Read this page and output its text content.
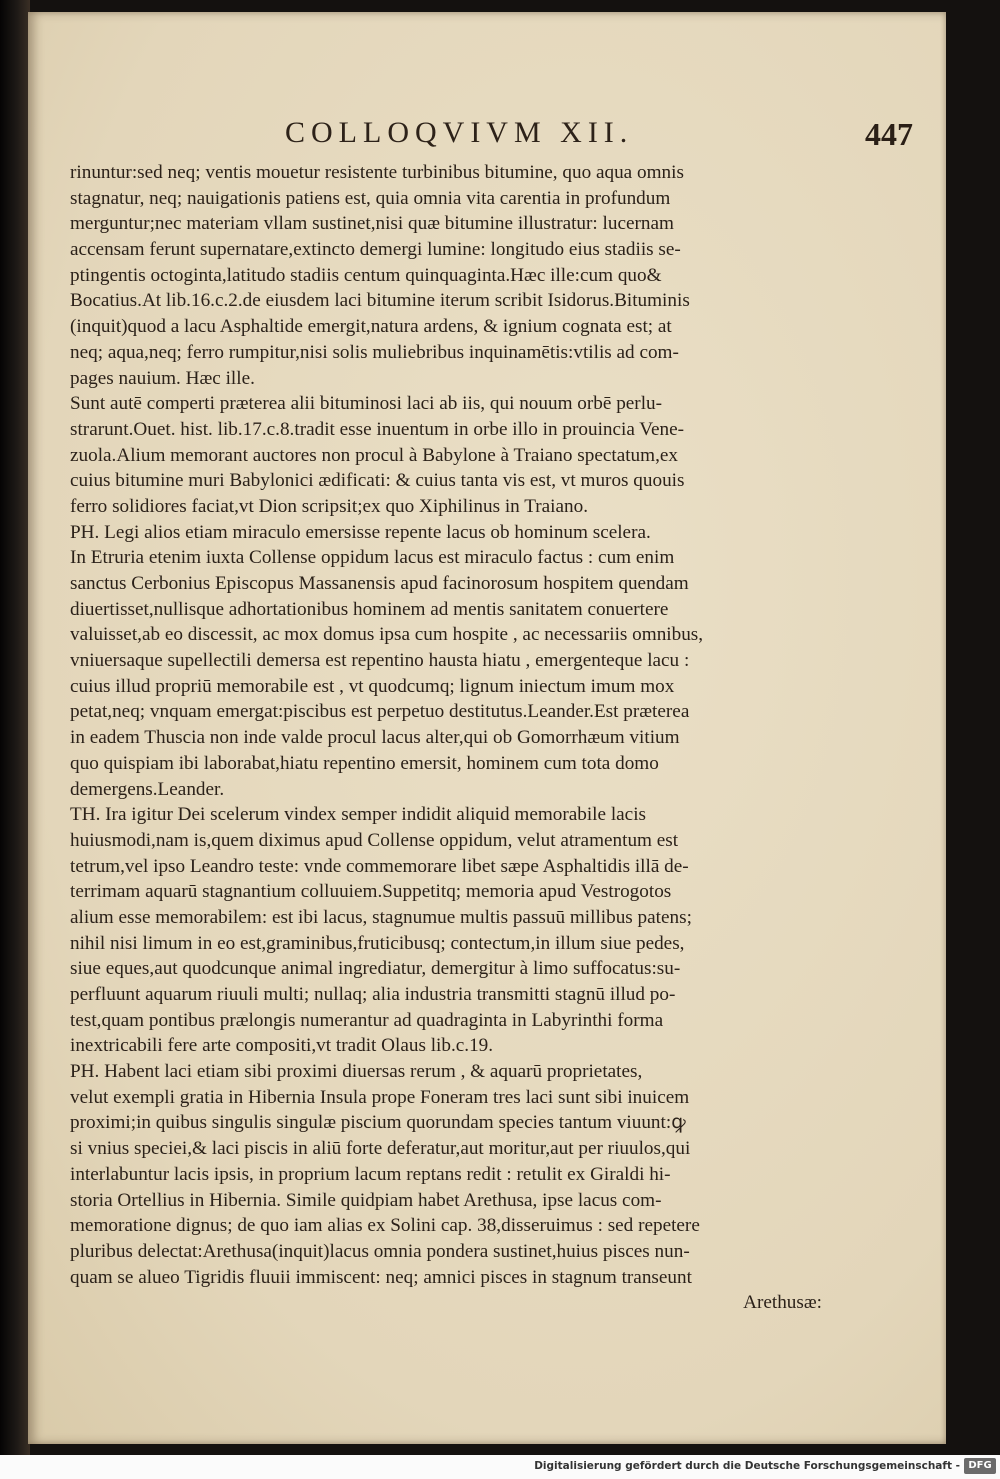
COLLOQVIVM XII.	447
rinuntur:sed neq; ventis mouetur resistente turbinibus bitumine, quo aqua omnis
stagnatur, neq; nauigationis patiens est, quia omnia vita carentia in profundum
merguntur;nec materiam vllam sustinet,nisi quæ bitumine illustratur: lucernam
accensam ferunt supernatare,extincto demergi lumine: longitudo eius stadiis se-
ptingentis octoginta,latitudo stadiis centum quinquaginta.Hæc ille:cum quo&
Bocatius.At lib.16.c.2.de eiusdem laci bitumine iterum scribit Isidorus.Bituminis
(inquit)quod a lacu Asphaltide emergit,natura ardens, & ignium cognata est; at
neq; aqua,neq; ferro rumpitur,nisi solis muliebribus inquinamētis:vtilis ad com-
pages nauium. Hæc ille.
Sunt autē comperti præterea alii bituminosi laci ab iis, qui nouum orbē perlu-
strarunt.Ouet. hist. lib.17.c.8.tradit esse inuentum in orbe illo in prouincia Vene-
zuola.Alium memorant auctores non procul à Babylone à Traiano spectatum,ex
cuius bitumine muri Babylonici ædificati: & cuius tanta vis est, vt muros quouis
ferro solidiores faciat,vt Dion scripsit;ex quo Xiphilinus in Traiano.
PH. Legi alios etiam miraculo emersisse repente lacus ob hominum scelera.
In Etruria etenim iuxta Collense oppidum lacus est miraculo factus : cum enim
sanctus Cerbonius Episcopus Massanensis apud facinorosum hospitem quendam
diuertisset,nullisque adhortationibus hominem ad mentis sanitatem conuertere
valuisset,ab eo discessit, ac mox domus ipsa cum hospite , ac necessariis omnibus,
vniuersaque supellectili demersa est repentino hausta hiatu , emergenteque lacu :
cuius illud propriū memorabile est , vt quodcumq; lignum iniectum imum mox
petat,neq; vnquam emergat:piscibus est perpetuo destitutus.Leander.Est præterea
in eadem Thuscia non inde valde procul lacus alter,qui ob Gomorrhæum vitium
quo quispiam ibi laborabat,hiatu repentino emersit, hominem cum tota domo
demergens.Leander.
TH. Ira igitur Dei scelerum vindex semper indidit aliquid memorabile lacis
huiusmodi,nam is,quem diximus apud Collense oppidum, velut atramentum est
tetrum,vel ipso Leandro teste: vnde commemorare libet sæpe Asphaltidis illā de-
terrimam aquarū stagnantium colluuiem.Suppetitq; memoria apud Vestrogotos
alium esse memorabilem: est ibi lacus, stagnumue multis passuū millibus patens;
nihil nisi limum in eo est,graminibus,fruticibusq; contectum,in illum siue pedes,
siue eques,aut quodcunque animal ingrediatur, demergitur à limo suffocatus:su-
perfluunt aquarum riuuli multi; nullaq; alia industria transmitti stagnū illud po-
test,quam pontibus prælongis numerantur ad quadraginta in Labyrinthi forma
inextricabili fere arte compositi,vt tradit Olaus lib.c.19.
PH. Habent laci etiam sibi proximi diuersas rerum , & aquarū proprietates,
velut exempli gratia in Hibernia Insula prope Foneram tres laci sunt sibi inuicem
proximi;in quibus singulis singulæ piscium quorundam species tantum viuunt:ꝙ
si vnius speciei,& laci piscis in aliū forte deferatur,aut moritur,aut per riuulos,qui
interlabuntur lacis ipsis, in proprium lacum reptans redit : retulit ex Giraldi hi-
storia Ortellius in Hibernia. Simile quidpiam habet Arethusa, ipse lacus com-
memoratione dignus; de quo iam alias ex Solini cap. 38,disseruimus : sed repetere
pluribus delectat:Arethusa(inquit)lacus omnia pondera sustinet,huius pisces nun-
quam se alueo Tigridis fluuii immiscent: neq; amnici pisces in stagnum transeunt
Arethusæ:
Digitalisierung gefördert durch die Deutsche Forschungsgemeinschaft - DFG
